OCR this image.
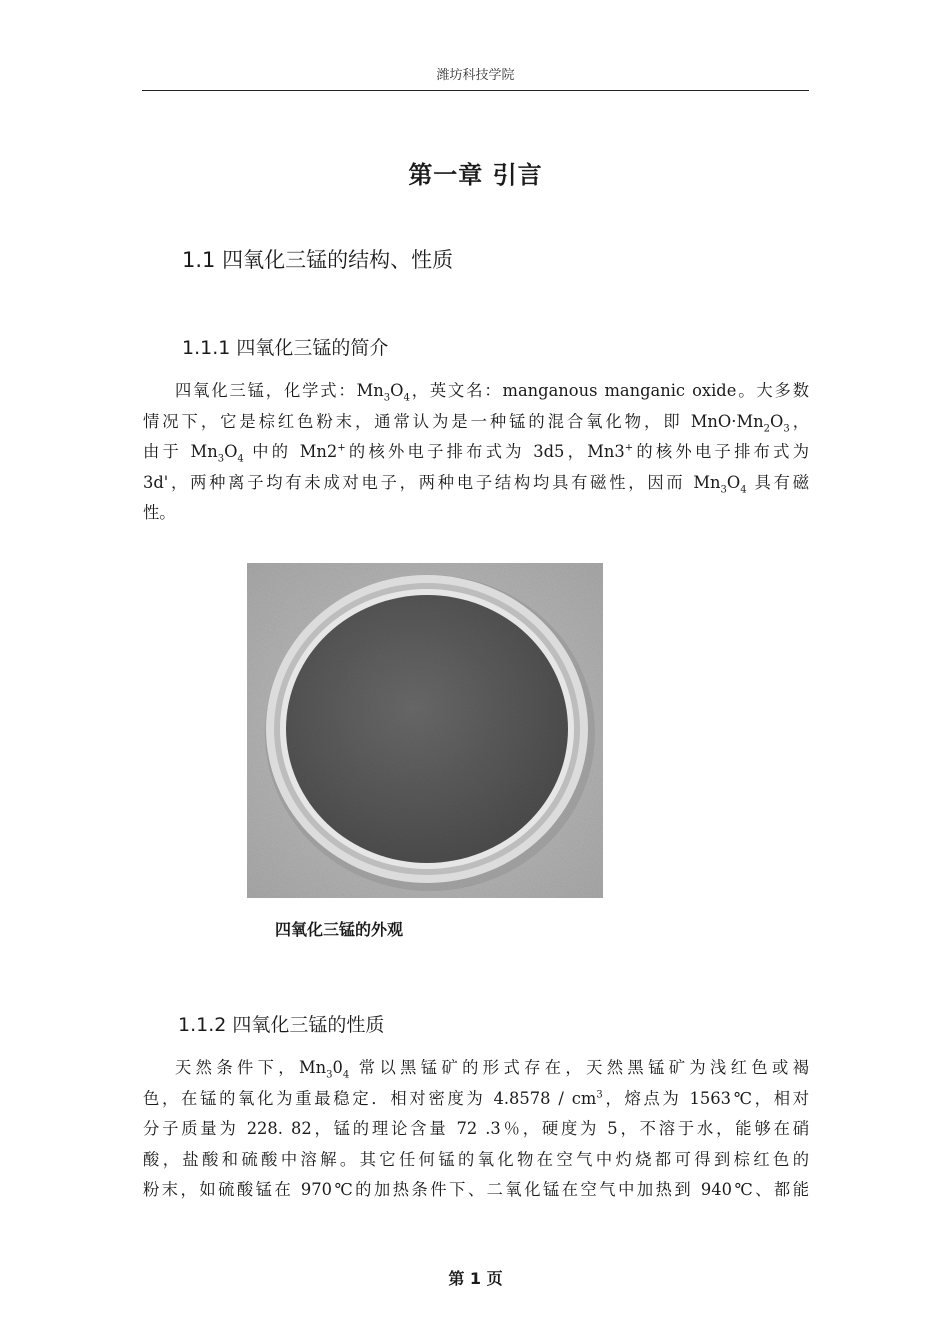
潍坊科技学院
第一章 引言
1.1 四氧化三锰的结构、性质
1.1.1 四氧化三锰的简介

四氧化三锰，化学式：$Mn_3O_4$，英文名：manganous manganic oxide。大多数
情况下，它是棕红色粉末，通常认为是一种锰的混合氧化物，即 $MnO\cdot Mn_2O_3$，
由于 $Mn_3O_4$ 中的 Mn2+的核外电子排布式为 3d5，Mn3+的核外电子排布式为
3d'，两种离子均有未成对电子，两种电子结构均具有磁性，因而 $Mn_3O_4$ 具有磁
性。

四氧化三锰的外观
1.1.2 四氧化三锰的性质

天然条件下，$Mn_30_4$ 常以黑锰矿的形式存在，天然黑锰矿为浅红色或褐
色，在锰的氧化为重最稳定．相对密度为 $4.8578 / cm^3$，熔点为 1563℃，相对
分子质量为 228. 82，锰的理论含量 72 .3％，硬度为 5，不溶于水，能够在硝
酸，盐酸和硫酸中溶解。其它任何锰的氧化物在空气中灼烧都可得到棕红色的
粉末，如硫酸锰在 970℃的加热条件下、二氧化锰在空气中加热到 940℃、都能

第 1 页
